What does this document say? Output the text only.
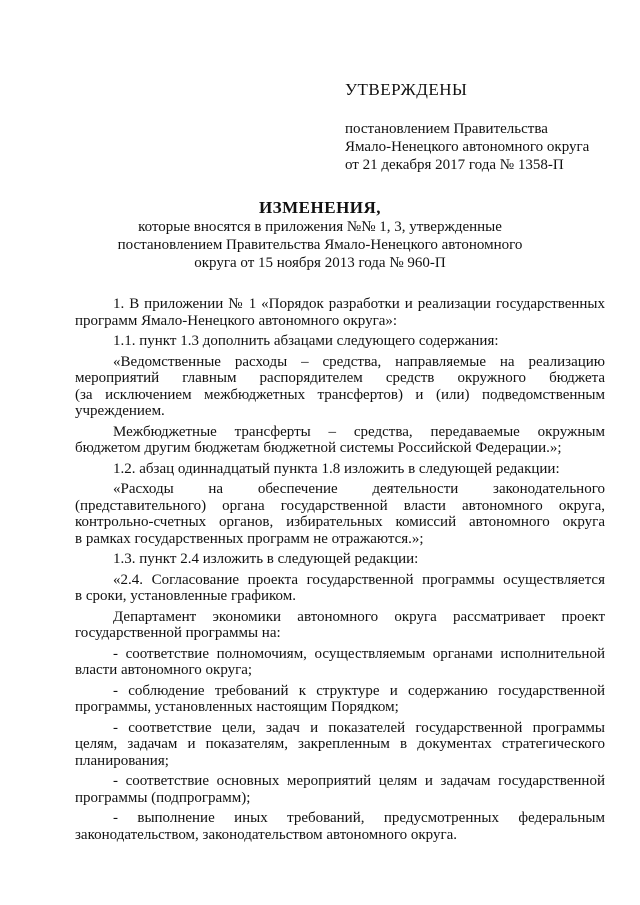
УТВЕРЖДЕНЫ

постановлением Правительства

Ямало-Ненецкого автономного округа

от 21 декабря 2017 года № 1358-П

ИЗМЕНЕНИЯ,

которые вносятся в приложения №№ 1, 3, утвержденные

постановлением Правительства Ямало-Ненецкого автономного

округа от 15 ноября 2013 года № 960-П

1. В приложении № 1 «Порядок разработки и реализации государственных
программ Ямало-Ненецкого автономного округа»:
1.1. пункт 1.3 дополнить абзацами следующего содержания:
«Ведомственные расходы – средства, направляемые на реализацию
мероприятий главным распорядителем средств окружного бюджета
(за исключением межбюджетных трансфертов) и (или) подведомственным
учреждением.
Межбюджетные трансферты – средства, передаваемые окружным
бюджетом другим бюджетам бюджетной системы Российской Федерации.»;
1.2. абзац одиннадцатый пункта 1.8 изложить в следующей редакции:
«Расходы на обеспечение деятельности законодательного
(представительного) органа государственной власти автономного округа,
контрольно-счетных органов, избирательных комиссий автономного округа
в рамках государственных программ не отражаются.»;
1.3. пункт 2.4 изложить в следующей редакции:
«2.4. Согласование проекта государственной программы осуществляется
в сроки, установленные графиком.
Департамент экономики автономного округа рассматривает проект
государственной программы на:
- соответствие полномочиям, осуществляемым органами исполнительной
власти автономного округа;
- соблюдение требований к структуре и содержанию государственной
программы, установленных настоящим Порядком;
- соответствие цели, задач и показателей государственной программы
целям, задачам и показателям, закрепленным в документах стратегического
планирования;
- соответствие основных мероприятий целям и задачам государственной
программы (подпрограмм);
- выполнение иных требований, предусмотренных федеральным
законодательством, законодательством автономного округа.
